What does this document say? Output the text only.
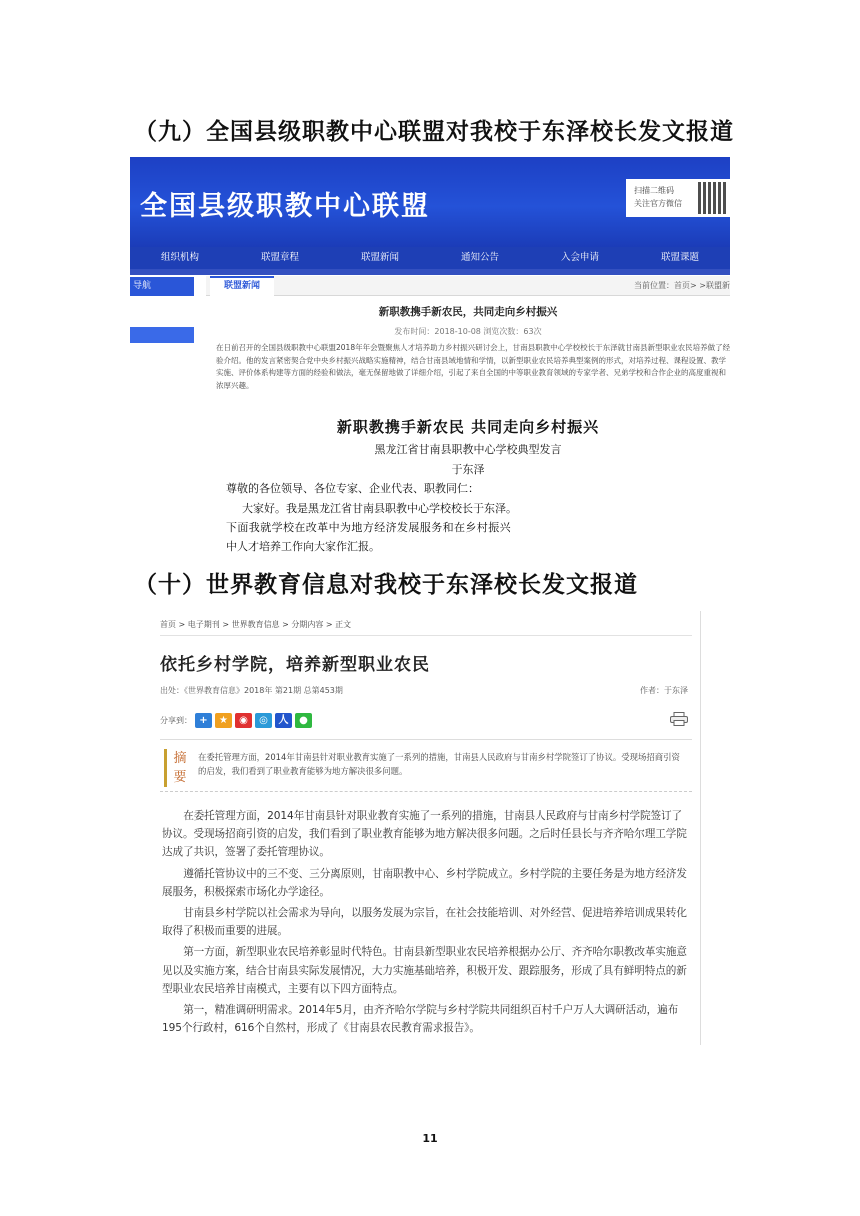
（九）全国县级职教中心联盟对我校于东泽校长发文报道
全国县级职教中心联盟
扫描二维码
关注官方微信
组织机构	联盟章程	联盟新闻	通知公告	入会申请	联盟课题
导航	联盟新闻	当前位置：首页> >联盟新
新职教携手新农民，共同走向乡村振兴
发布时间：2018-10-08 浏览次数：63次
在日前召开的全国县级职教中心联盟2018年年会暨聚焦人才培养助力乡村振兴研讨会上，甘南县职教中心学校校长于东泽就甘南县新型职业农民培养做了经验介绍。他的发言紧密契合党中央乡村振兴战略实施精神，结合甘南县域地情和学情，以新型职业农民培养典型案例的形式，对培养过程、课程设置、教学实施、评价体系构建等方面的经验和做法，毫无保留地做了详细介绍，引起了来自全国的中等职业教育领域的专家学者、兄弟学校和合作企业的高度重视和浓厚兴趣。
新职教携手新农民 共同走向乡村振兴
黑龙江省甘南县职教中心学校典型发言
于东泽
尊敬的各位领导、各位专家、企业代表、职教同仁：
大家好。我是黑龙江省甘南县职教中心学校校长于东泽。
下面我就学校在改革中为地方经济发展服务和在乡村振兴
中人才培养工作向大家作汇报。
（十）世界教育信息对我校于东泽校长发文报道
首页 > 电子期刊 > 世界教育信息 > 分期内容 > 正文
依托乡村学院，培养新型职业农民
出处：《世界教育信息》2018年 第21期 总第453期	作者：于东泽
分享到： +	★	◉	◎	人	●
摘
要
在委托管理方面，2014年甘南县针对职业教育实施了一系列的措施，甘南县人民政府与甘南乡村学院签订了协议。受现场招商引资的启发，我们看到了职业教育能够为地方解决很多问题。

在委托管理方面，2014年甘南县针对职业教育实施了一系列的措施，甘南县人民政府与甘南乡村学院签订了协议。受现场招商引资的启发，我们看到了职业教育能够为地方解决很多问题。之后时任县长与齐齐哈尔理工学院达成了共识，签署了委托管理协议。

遵循托管协议中的三不变、三分离原则，甘南职教中心、乡村学院成立。乡村学院的主要任务是为地方经济发展服务，积极探索市场化办学途径。

甘南县乡村学院以社会需求为导向，以服务发展为宗旨，在社会技能培训、对外经营、促进培养培训成果转化取得了积极而重要的进展。

第一方面，新型职业农民培养彰显时代特色。甘南县新型职业农民培养根据办公厅、齐齐哈尔职教改革实施意见以及实施方案，结合甘南县实际发展情况，大力实施基础培养，积极开发、跟踪服务，形成了具有鲜明特点的新型职业农民培养甘南模式，主要有以下四方面特点。

第一，精准调研明需求。2014年5月，由齐齐哈尔学院与乡村学院共同组织百村千户万人大调研活动，遍布195个行政村，616个自然村，形成了《甘南县农民教育需求报告》。

11
